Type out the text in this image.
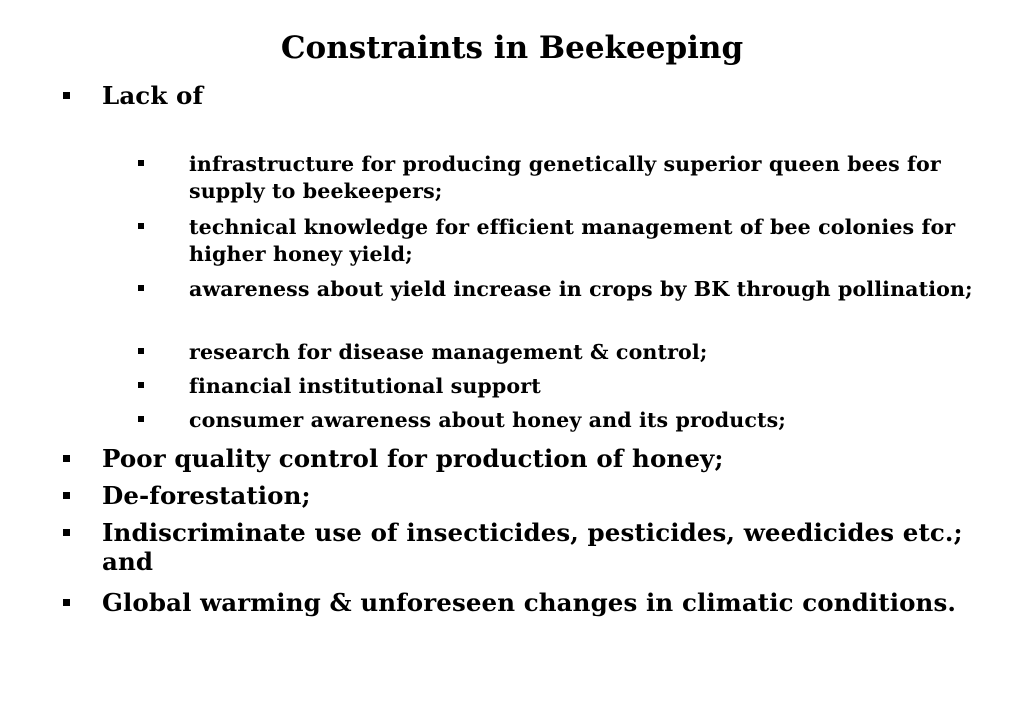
Constraints in Beekeeping
Lack of
infrastructure for producing genetically superior queen bees for supply to beekeepers;
technical knowledge for efficient management of bee colonies for higher honey yield;
awareness about yield increase in crops by BK through pollination;
research for disease management & control;
financial institutional support
consumer awareness about honey and its products;
Poor quality control for production of honey;
De-forestation;
Indiscriminate use of insecticides, pesticides, weedicides etc.; and
Global warming & unforeseen changes in climatic conditions.
